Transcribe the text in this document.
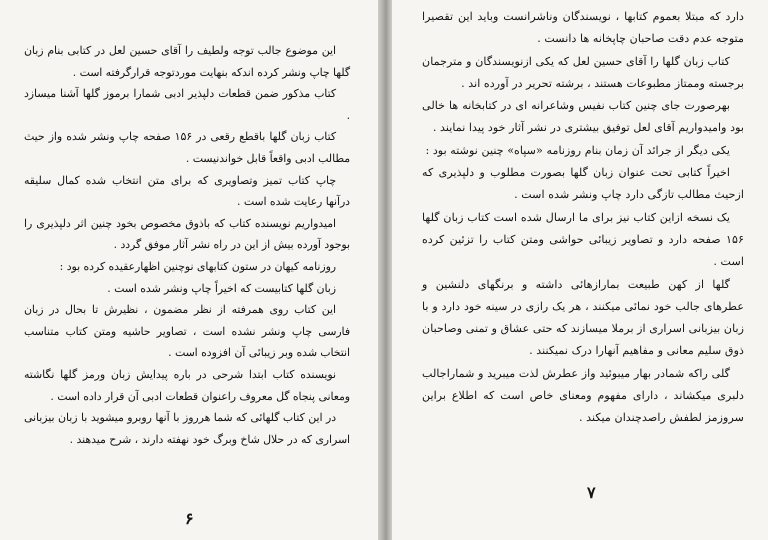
این موضوع جالب توجه ولطیف را آقای حسین لعل در کتابی بنام زبان گلها چاپ ونشر کرده اندکه بنهایت موردتوجه قرارگرفته است .

کتاب مذکور ضمن قطعات دلپذیر ادبی شمارا برموز گلها آشنا میسازد .

کتاب زبان گلها باقطع رقعی در ۱۵۶ صفحه چاپ ونشر شده واز حیث مطالب ادبی واقعاً قابل خواندنیست .

چاپ کتاب تمیز وتصاویری که برای متن انتخاب شده کمال سلیقه درآنها رعایت شده است .

امیدواریم نویسنده کتاب که باذوق مخصوص بخود چنین اثر دلپذیری را بوجود آورده بیش از این در راه نشر آثار موفق گردد .

روزنامه کیهان در ستون کتابهای نوچنین اظهارعقیده کرده بود :

زبان گلها کتابیست که اخیراً چاپ ونشر شده است .

این کتاب روی همرفته از نظر مضمون ، نظیرش تا بحال در زبان فارسی چاپ ونشر نشده است ، تصاویر حاشیه ومتن کتاب متناسب انتخاب شده وبر زیبائی آن افزوده است .

نویسنده کتاب ابتدا شرحی در باره پیدایش زبان ورمز گلها نگاشته ومعانی پنجاه گل معروف راعنوان قطعات ادبی آن قرار داده است .

در این کتاب گلهائی که شما هرروز با آنها روبرو میشوید با زبان بیزبانی اسراری که در حلال شاخ وبرگ خود نهفته دارند ، شرح میدهند .

۶

دارد که مبتلا بعموم کتابها ، نویسندگان وناشرانست وباید این تقصیرا متوجه عدم دقت صاحبان چاپخانه ها دانست .

کتاب زبان گلها را آقای حسین لعل که یکی ازنویسندگان و مترجمان برجسته وممتاز مطبوعات هستند ، برشته تحریر در آورده اند .

بهرصورت جای چنین کتاب نفیس وشاعرانه ای در کتابخانه ها خالی بود وامیدواریم آقای لعل توفیق بیشتری در نشر آثار خود پیدا نمایند .

یکی دیگر از جرائد آن زمان بنام روزنامه «سپاه» چنین نوشته بود :

اخیراً کتابی تحت عنوان زبان گلها بصورت مطلوب و دلپذیری که ازحیث مطالب تازگی دارد چاپ ونشر شده است .

یک نسخه ازاین کتاب نیز برای ما ارسال شده است کتاب زبان گلها ۱۵۶ صفحه دارد و تصاویر زیبائی حواشی ومتن کتاب را تزئین کرده است .

گلها از کهن طبیعت بمارازهائی داشته و برنگهای دلنشین و عطرهای جالب خود نمائی میکنند ، هر یک رازی در سینه خود دارد و با زبان بیزبانی اسراری از برملا میسازند که حتی عشاق و تمنی وصاحبان ذوق سلیم معانی و مفاهیم آنهارا درک نمیکنند .

گلی راکه شمادر بهار میبوئید واز عطرش لذت میبرید و شماراجالب دلبری میکشاند ، دارای مفهوم ومعنای خاص است که اطلاع براین سروزمز لطفش راصدچندان میکند .

۷
